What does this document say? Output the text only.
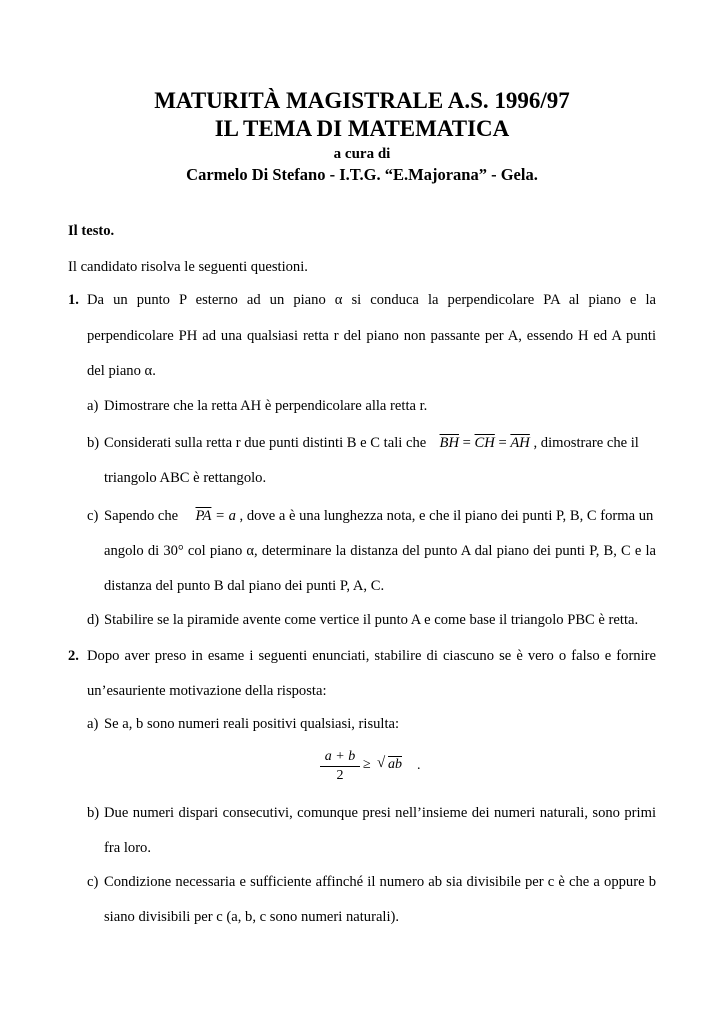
MATURITÀ MAGISTRALE A.S. 1996/97
IL TEMA DI MATEMATICA
a cura di
Carmelo Di Stefano - I.T.G. “E.Majorana” - Gela.
Il testo.
Il candidato risolva le seguenti questioni.
1. Da un punto P esterno ad un piano α si conduca la perpendicolare PA al piano e la
perpendicolare PH ad una qualsiasi retta r del piano non passante per A, essendo H ed A punti
del piano α.
a) Dimostrare che la retta AH è perpendicolare alla retta r.
b) Considerati sulla retta r due punti distinti B e C tali che $\overline{BH} = \overline{CH} = \overline{AH}$ , dimostrare che il
triangolo ABC è rettangolo.
c) Sapendo che $\overline{PA} = a$ , dove a è una lunghezza nota, e che il piano dei punti P, B, C forma un
angolo di 30° col piano α, determinare la distanza del punto A dal piano dei punti P, B, C e la
distanza del punto B dal piano dei punti P, A, C.
d) Stabilire se la piramide avente come vertice il punto A e come base il triangolo PBC è retta.
2. Dopo aver preso in esame i seguenti enunciati, stabilire di ciascuno se è vero o falso e fornire
un’esauriente motivazione della risposta:
a) Se a, b sono numeri reali positivi qualsiasi, risulta:
a + b
2
≥ √ ab .
b) Due numeri dispari consecutivi, comunque presi nell’insieme dei numeri naturali, sono primi
fra loro.
c) Condizione necessaria e sufficiente affinché il numero ab sia divisibile per c è che a oppure b
siano divisibili per c (a, b, c sono numeri naturali).
